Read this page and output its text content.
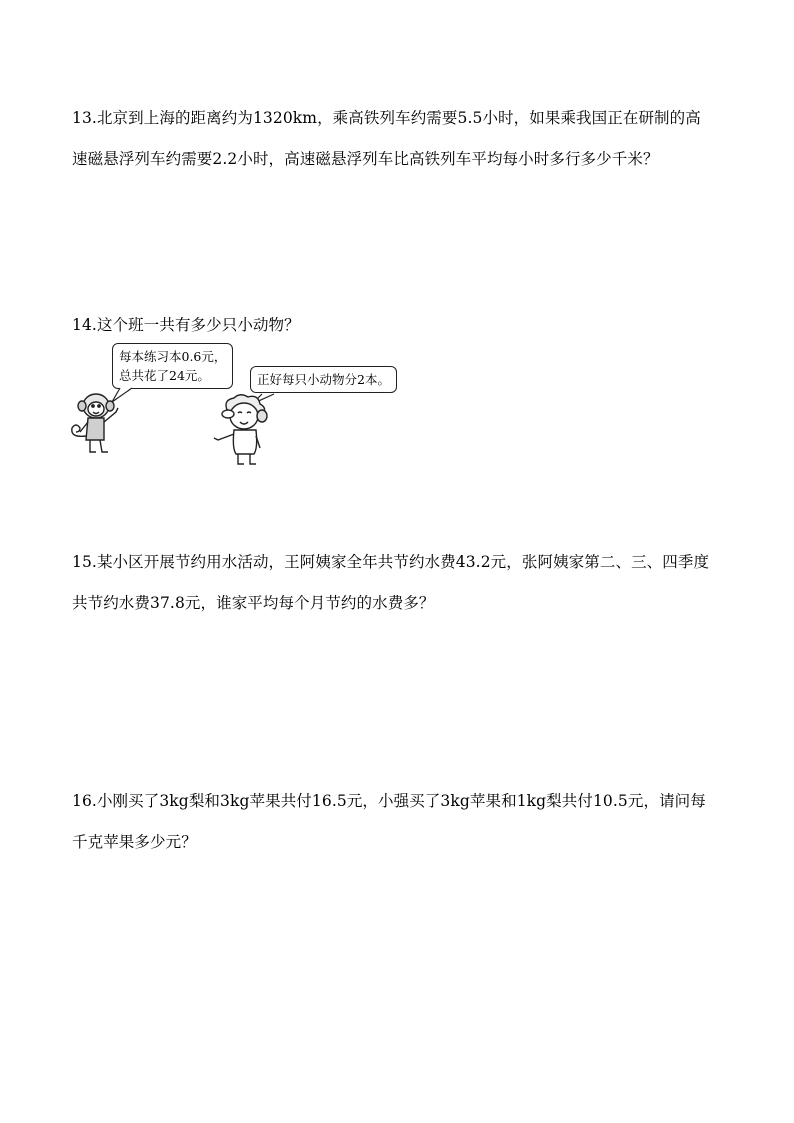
13.北京到上海的距离约为1320km，乘高铁列车约需要5.5小时，如果乘我国正在研制的高
速磁悬浮列车约需要2.2小时，高速磁悬浮列车比高铁列车平均每小时多行多少千米？
14.这个班一共有多少只小动物？
每本练习本0.6元，
总共花了24元。	正好每只小动物分2本。
15.某小区开展节约用水活动，王阿姨家全年共节约水费43.2元，张阿姨家第二、三、四季度
共节约水费37.8元，谁家平均每个月节约的水费多？
16.小刚买了3kg梨和3kg苹果共付16.5元，小强买了3kg苹果和1kg梨共付10.5元，请问每
千克苹果多少元？
